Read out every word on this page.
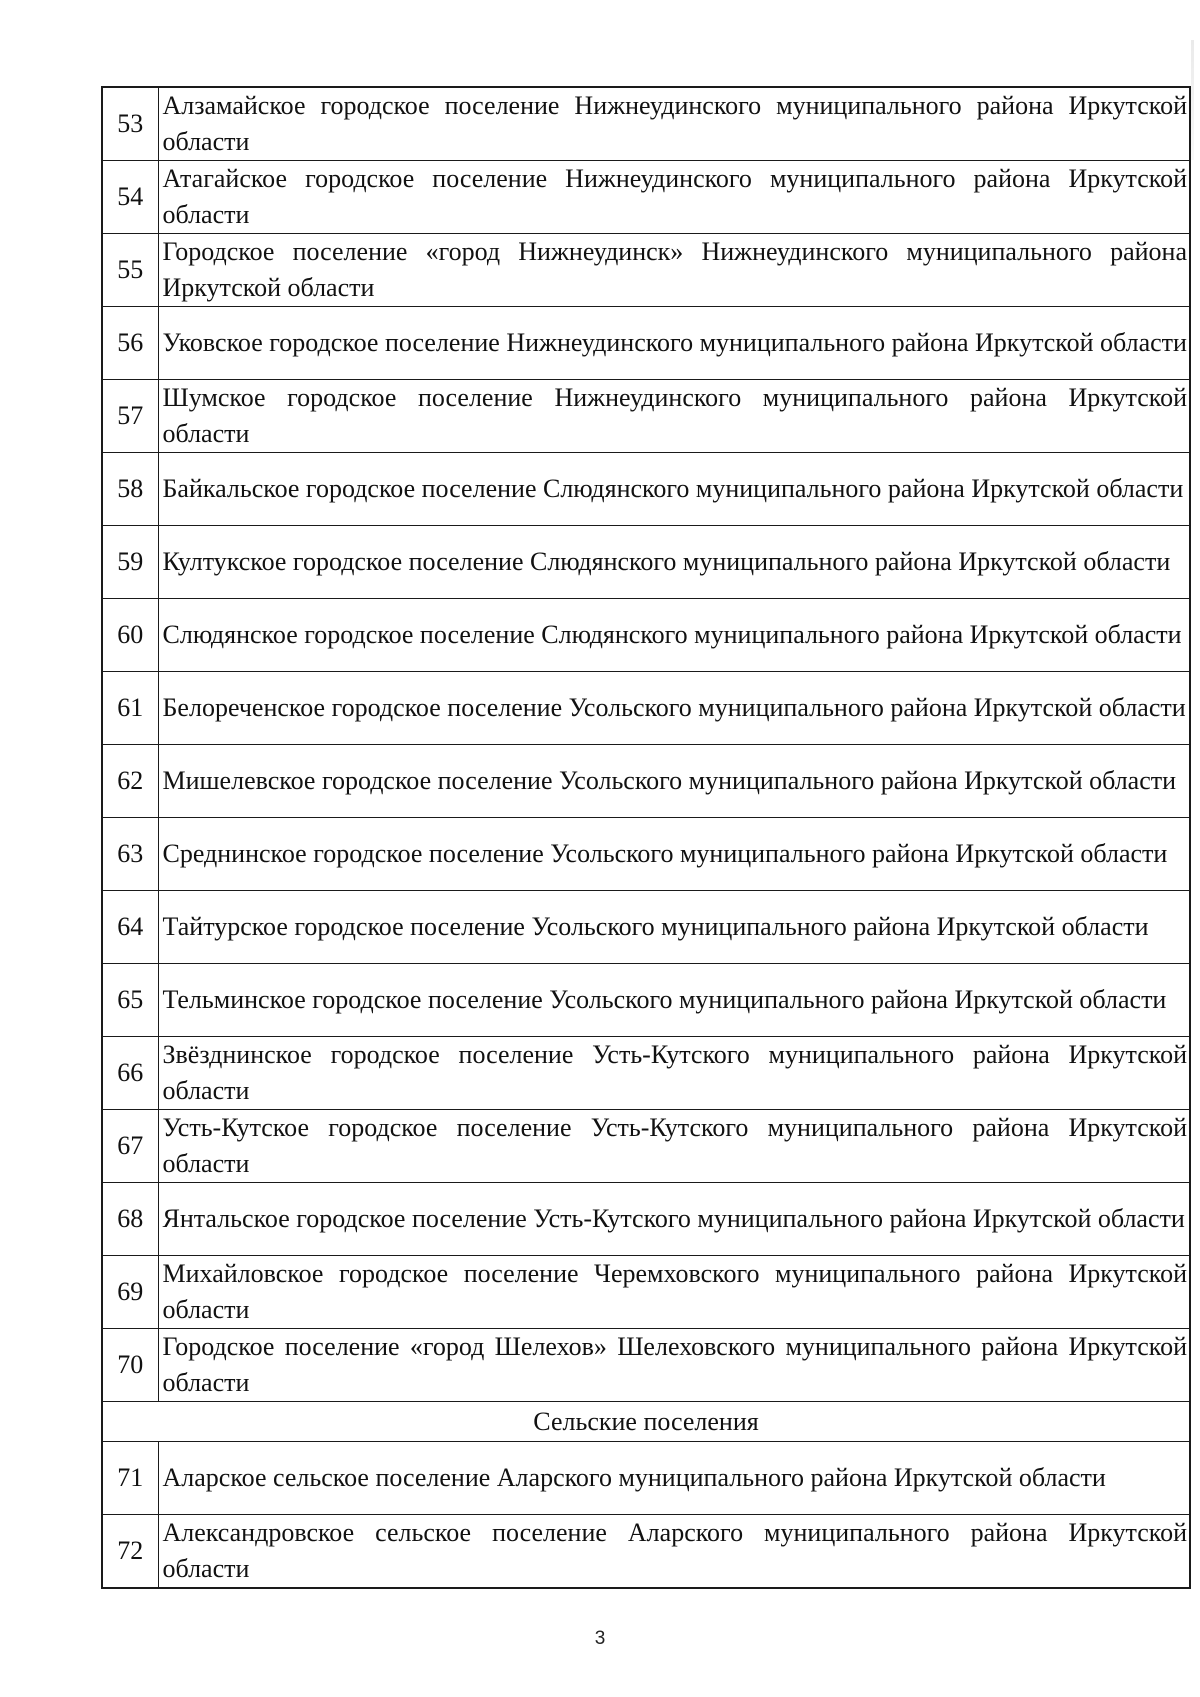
53	Алзамайское городское поселение Нижнеудинского муниципального района Иркутской области
54	Атагайское городское поселение Нижнеудинского муниципального района Иркутской области
55	Городское поселение «город Нижнеудинск» Нижнеудинского муниципального района Иркутской области
56	Уковское городское поселение Нижнеудинского муниципального района Иркутской области
57	Шумское городское поселение Нижнеудинского муниципального района Иркутской области
58	Байкальское городское поселение Слюдянского муниципального района Иркутской области
59	Култукское городское поселение Слюдянского муниципального района Иркутской области
60	Слюдянское городское поселение Слюдянского муниципального района Иркутской области
61	Белореченское городское поселение Усольского муниципального района Иркутской области
62	Мишелевское городское поселение Усольского муниципального района Иркутской области
63	Среднинское городское поселение Усольского муниципального района Иркутской области
64	Тайтурское городское поселение Усольского муниципального района Иркутской области
65	Тельминское городское поселение Усольского муниципального района Иркутской области
66	Звёзднинское городское поселение Усть-Кутского муниципального района Иркутской области
67	Усть-Кутское городское поселение Усть-Кутского муниципального района Иркутской области
68	Янтальское городское поселение Усть-Кутского муниципального района Иркутской области
69	Михайловское городское поселение Черемховского муниципального района Иркутской области
70	Городское поселение «город Шелехов» Шелеховского муниципального района Иркутской области
Сельские поселения	
71	Аларское сельское поселение Аларского муниципального района Иркутской области
72	Александровское сельское поселение Аларского муниципального района Иркутской области
3
